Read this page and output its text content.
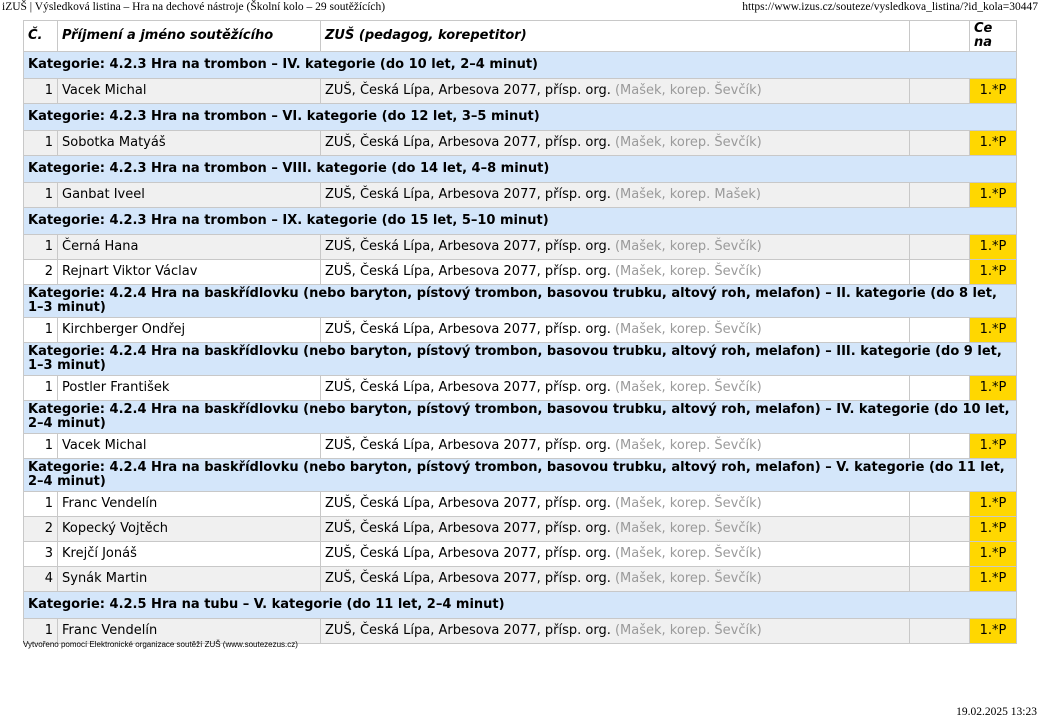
iZUŠ | Výsledková listina – Hra na dechové nástroje (Školní kolo – 29 soutěžících)	https://www.izus.cz/souteze/vysledkova_listina/?id_kola=30447
Č.	Příjmení a jméno soutěžícího	ZUŠ (pedagog, korepetitor)		Ce na
Kategorie: 4.2.3 Hra na trombon – IV. kategorie (do 10 let, 2–4 minut)				
1	Vacek Michal	ZUŠ, Česká Lípa, Arbesova 2077, přísp. org. (Mašek, korep. Ševčík)		1.*P
Kategorie: 4.2.3 Hra na trombon – VI. kategorie (do 12 let, 3–5 minut)				
1	Sobotka Matyáš	ZUŠ, Česká Lípa, Arbesova 2077, přísp. org. (Mašek, korep. Ševčík)		1.*P
Kategorie: 4.2.3 Hra na trombon – VIII. kategorie (do 14 let, 4–8 minut)				
1	Ganbat Iveel	ZUŠ, Česká Lípa, Arbesova 2077, přísp. org. (Mašek, korep. Mašek)		1.*P
Kategorie: 4.2.3 Hra na trombon – IX. kategorie (do 15 let, 5–10 minut)				
1	Černá Hana	ZUŠ, Česká Lípa, Arbesova 2077, přísp. org. (Mašek, korep. Ševčík)		1.*P
2	Rejnart Viktor Václav	ZUŠ, Česká Lípa, Arbesova 2077, přísp. org. (Mašek, korep. Ševčík)		1.*P
Kategorie: 4.2.4 Hra na baskřídlovku (nebo baryton, pístový trombon, basovou trubku, altový roh, melafon) – II. kategorie (do 8 let, 1–3 minut)				
1	Kirchberger Ondřej	ZUŠ, Česká Lípa, Arbesova 2077, přísp. org. (Mašek, korep. Ševčík)		1.*P
Kategorie: 4.2.4 Hra na baskřídlovku (nebo baryton, pístový trombon, basovou trubku, altový roh, melafon) – III. kategorie (do 9 let, 1–3 minut)				
1	Postler František	ZUŠ, Česká Lípa, Arbesova 2077, přísp. org. (Mašek, korep. Ševčík)		1.*P
Kategorie: 4.2.4 Hra na baskřídlovku (nebo baryton, pístový trombon, basovou trubku, altový roh, melafon) – IV. kategorie (do 10 let, 2–4 minut)				
1	Vacek Michal	ZUŠ, Česká Lípa, Arbesova 2077, přísp. org. (Mašek, korep. Ševčík)		1.*P
Kategorie: 4.2.4 Hra na baskřídlovku (nebo baryton, pístový trombon, basovou trubku, altový roh, melafon) – V. kategorie (do 11 let, 2–4 minut)				
1	Franc Vendelín	ZUŠ, Česká Lípa, Arbesova 2077, přísp. org. (Mašek, korep. Ševčík)		1.*P
2	Kopecký Vojtěch	ZUŠ, Česká Lípa, Arbesova 2077, přísp. org. (Mašek, korep. Ševčík)		1.*P
3	Krejčí Jonáš	ZUŠ, Česká Lípa, Arbesova 2077, přísp. org. (Mašek, korep. Ševčík)		1.*P
4	Synák Martin	ZUŠ, Česká Lípa, Arbesova 2077, přísp. org. (Mašek, korep. Ševčík)		1.*P
Kategorie: 4.2.5 Hra na tubu – V. kategorie (do 11 let, 2–4 minut)				
1	Franc Vendelín	ZUŠ, Česká Lípa, Arbesova 2077, přísp. org. (Mašek, korep. Ševčík)		1.*P
Vytvořeno pomocí Elektronické organizace soutěží ZUŠ (www.soutezezus.cz)
19.02.2025 13:23
